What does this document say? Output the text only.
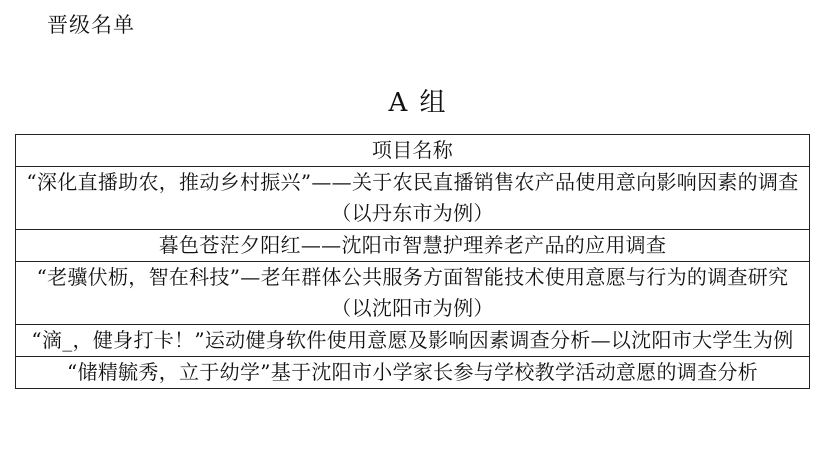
晋级名单
A 组
项目名称
“深化直播助农，推动乡村振兴”——关于农民直播销售农产品使用意向影响因素的调查（以丹东市为例）
暮色苍茫夕阳红——沈阳市智慧护理养老产品的应用调查
“老骥伏枥，智在科技”—老年群体公共服务方面智能技术使用意愿与行为的调查研究（以沈阳市为例）
“滴_，健身打卡！”运动健身软件使用意愿及影响因素调查分析—以沈阳市大学生为例
“储精毓秀，立于幼学”基于沈阳市小学家长参与学校教学活动意愿的调查分析
